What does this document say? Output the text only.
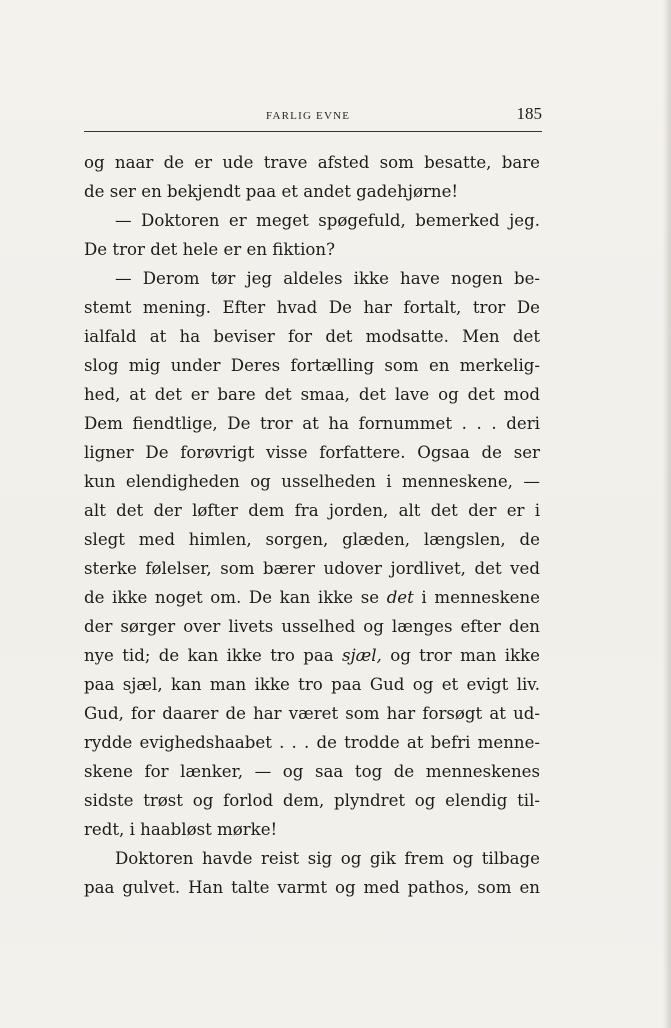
FARLIG EVNE	185
og naar de er ude trave afsted som besatte, bare
de ser en bekjendt paa et andet gadehjørne!
— Doktoren er meget spøgefuld, bemerked jeg.
De tror det hele er en fiktion?
— Derom tør jeg aldeles ikke have nogen be-
stemt mening. Efter hvad De har fortalt, tror De
ialfald at ha beviser for det modsatte. Men det
slog mig under Deres fortælling som en merkelig-
hed, at det er bare det smaa, det lave og det mod
Dem fiendtlige, De tror at ha fornummet . . . deri
ligner De forøvrigt visse forfattere. Ogsaa de ser
kun elendigheden og usselheden i menneskene, —
alt det der løfter dem fra jorden, alt det der er i
slegt med himlen, sorgen, glæden, længslen, de
sterke følelser, som bærer udover jordlivet, det ved
de ikke noget om. De kan ikke se det i menneskene
der sørger over livets usselhed og længes efter den
nye tid; de kan ikke tro paa sjæl, og tror man ikke
paa sjæl, kan man ikke tro paa Gud og et evigt liv.
Gud, for daarer de har været som har forsøgt at ud-
rydde evighedshaabet . . . de trodde at befri menne-
skene for lænker, — og saa tog de menneskenes
sidste trøst og forlod dem, plyndret og elendig til-
redt, i haabløst mørke!
Doktoren havde reist sig og gik frem og tilbage
paa gulvet. Han talte varmt og med pathos, som en
